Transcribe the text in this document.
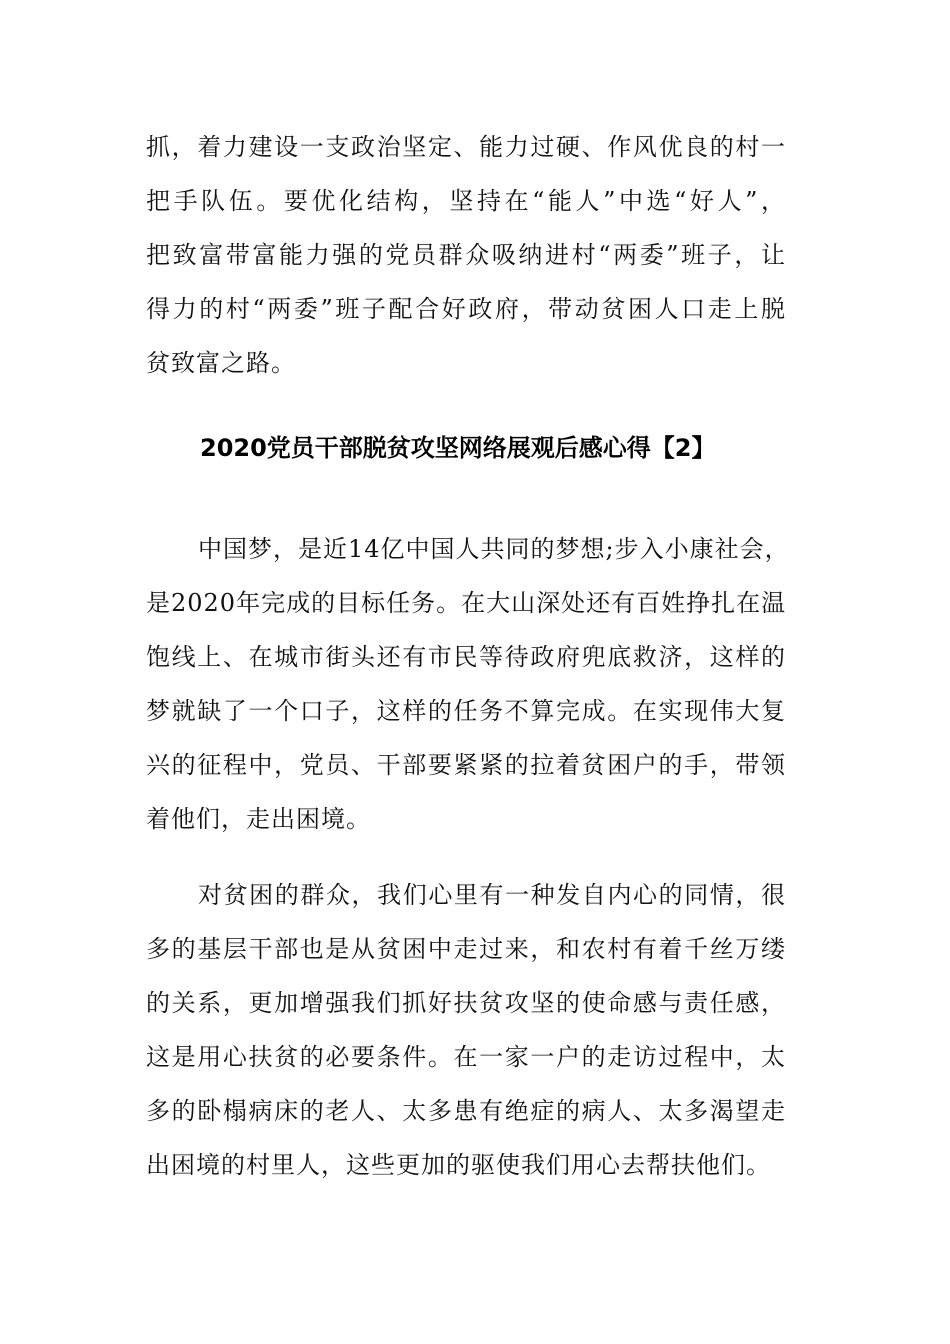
抓，着力建设一支政治坚定、能力过硬、作风优良的村一
把手队伍。要优化结构，坚持在“能人”中选“好人”，
把致富带富能力强的党员群众吸纳进村“两委”班子，让
得力的村“两委”班子配合好政府，带动贫困人口走上脱
贫致富之路。
2020党员干部脱贫攻坚网络展观后感心得【2】
中国梦，是近14亿中国人共同的梦想;步入小康社会，
是2020年完成的目标任务。在大山深处还有百姓挣扎在温
饱线上、在城市街头还有市民等待政府兜底救济，这样的
梦就缺了一个口子，这样的任务不算完成。在实现伟大复
兴的征程中，党员、干部要紧紧的拉着贫困户的手，带领
着他们，走出困境。
对贫困的群众，我们心里有一种发自内心的同情，很
多的基层干部也是从贫困中走过来，和农村有着千丝万缕
的关系，更加增强我们抓好扶贫攻坚的使命感与责任感，
这是用心扶贫的必要条件。在一家一户的走访过程中，太
多的卧榻病床的老人、太多患有绝症的病人、太多渴望走
出困境的村里人，这些更加的驱使我们用心去帮扶他们。
